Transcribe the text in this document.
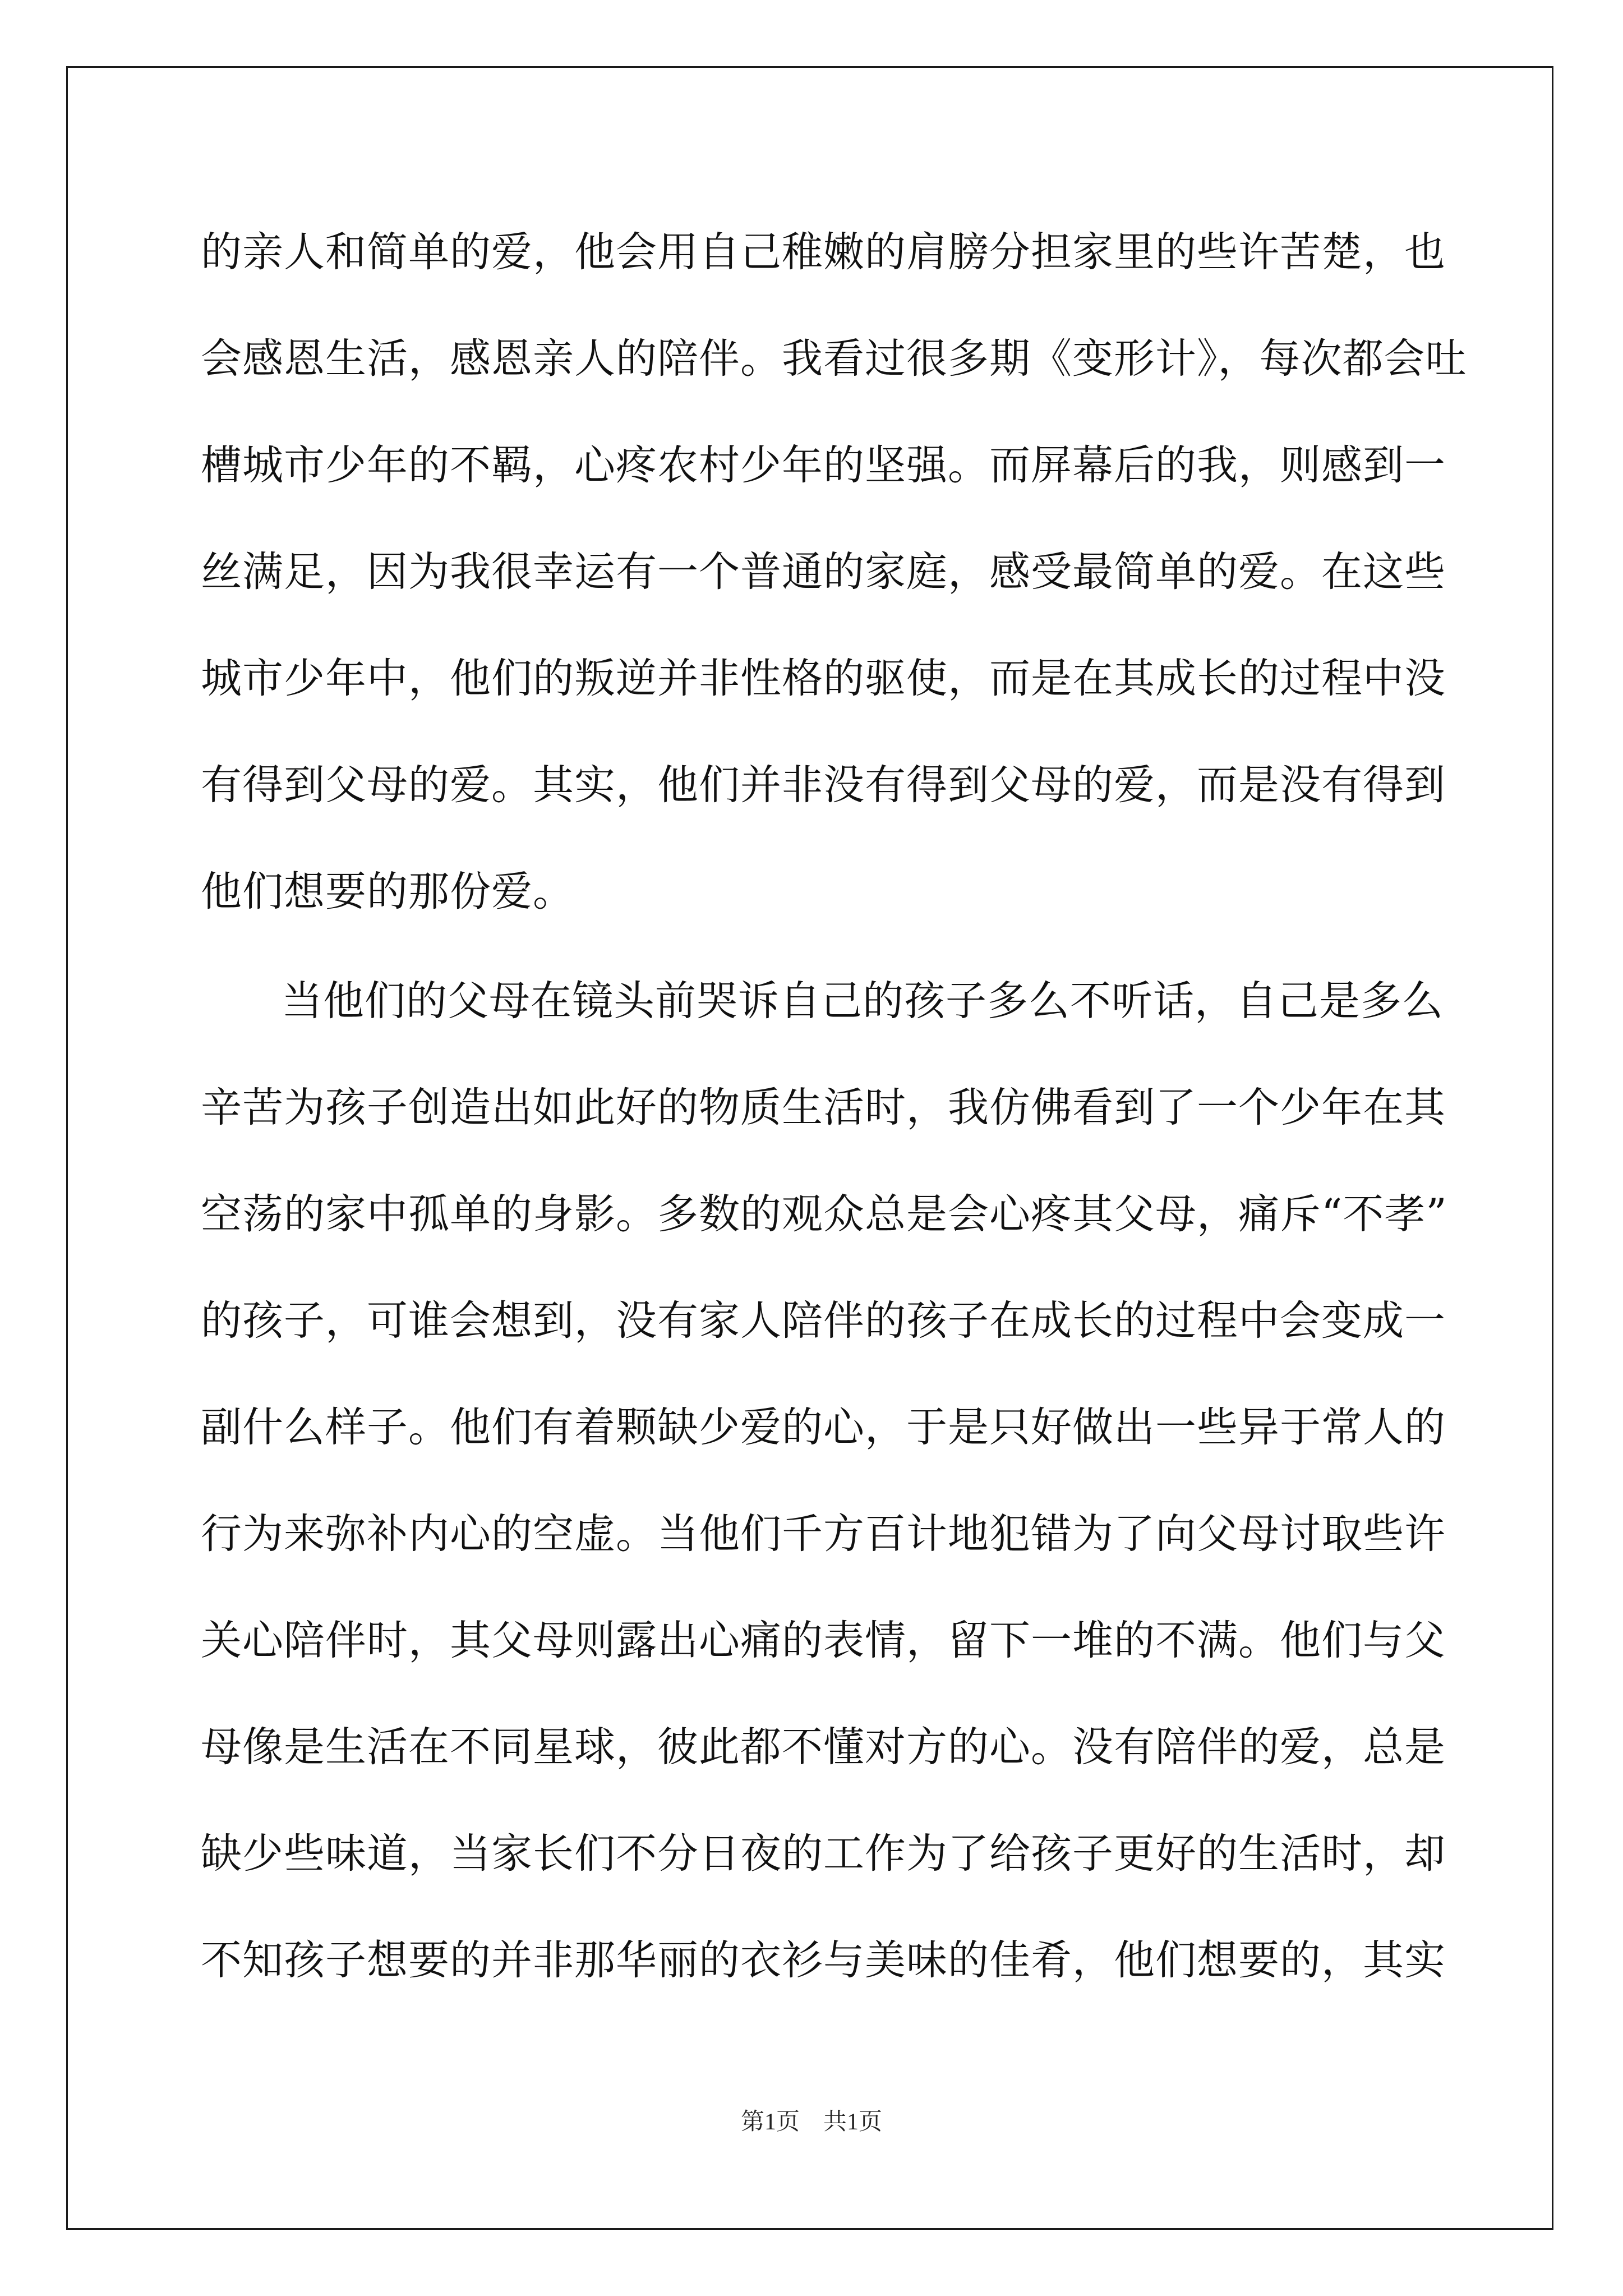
的亲人和简单的爱，他会用自己稚嫩的肩膀分担家里的些许苦楚，也
会感恩生活，感恩亲人的陪伴。我看过很多期《变形计》，每次都会吐
槽城市少年的不羁，心疼农村少年的坚强。而屏幕后的我，则感到一
丝满足，因为我很幸运有一个普通的家庭，感受最简单的爱。在这些
城市少年中，他们的叛逆并非性格的驱使，而是在其成长的过程中没
有得到父母的爱。其实，他们并非没有得到父母的爱，而是没有得到
他们想要的那份爱。
当他们的父母在镜头前哭诉自己的孩子多么不听话，自己是多么
辛苦为孩子创造出如此好的物质生活时，我仿佛看到了一个少年在其
空荡的家中孤单的身影。多数的观众总是会心疼其父母，痛斥“不孝”
的孩子，可谁会想到，没有家人陪伴的孩子在成长的过程中会变成一
副什么样子。他们有着颗缺少爱的心，于是只好做出一些异于常人的
行为来弥补内心的空虚。当他们千方百计地犯错为了向父母讨取些许
关心陪伴时，其父母则露出心痛的表情，留下一堆的不满。他们与父
母像是生活在不同星球，彼此都不懂对方的心。没有陪伴的爱，总是
缺少些味道，当家长们不分日夜的工作为了给孩子更好的生活时，却
不知孩子想要的并非那华丽的衣衫与美味的佳肴，他们想要的，其实
第1页　共1页
